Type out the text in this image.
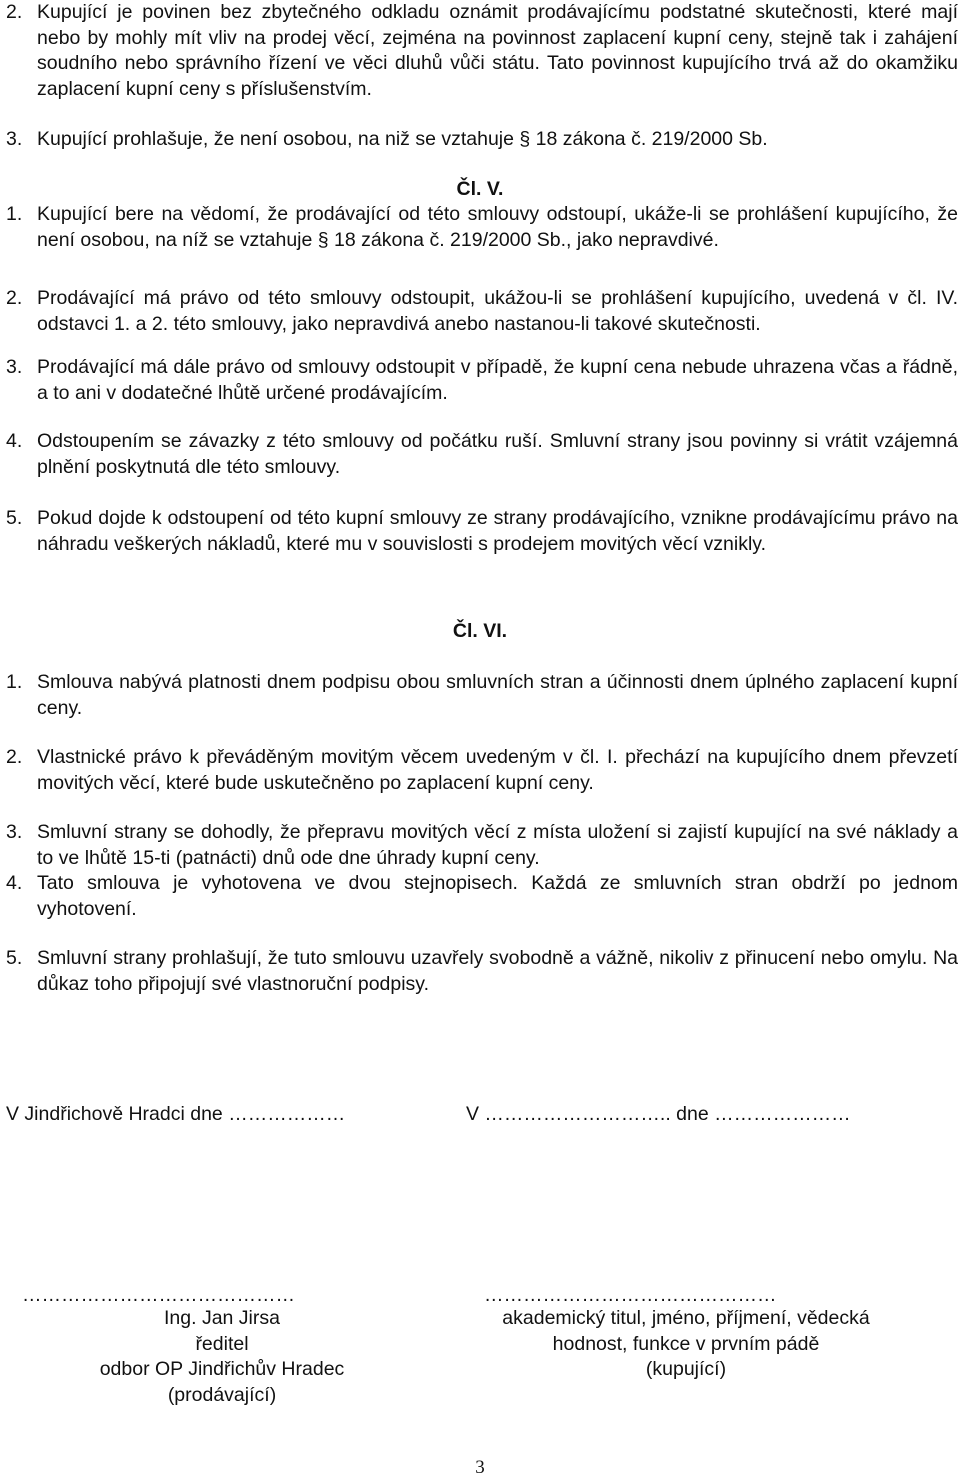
2. Kupující je povinen bez zbytečného odkladu oznámit prodávajícímu podstatné skutečnosti, které mají nebo by mohly mít vliv na prodej věcí, zejména na povinnost zaplacení kupní ceny, stejně tak i zahájení soudního nebo správního řízení ve věci dluhů vůči státu. Tato povinnost kupujícího trvá až do okamžiku zaplacení kupní ceny s příslušenstvím.
3. Kupující prohlašuje, že není osobou, na niž se vztahuje § 18 zákona č. 219/2000 Sb.
Čl. V.
1. Kupující bere na vědomí, že prodávající od této smlouvy odstoupí, ukáže-li se prohlášení kupujícího, že není osobou, na níž se vztahuje § 18 zákona č. 219/2000 Sb., jako nepravdivé.
2. Prodávající má právo od této smlouvy odstoupit, ukážou-li se prohlášení kupujícího, uvedená v čl. IV. odstavci 1. a 2. této smlouvy, jako nepravdivá anebo nastanou-li takové skutečnosti.
3. Prodávající má dále právo od smlouvy odstoupit v případě, že kupní cena nebude uhrazena včas a řádně, a to ani v dodatečné lhůtě určené prodávajícím.
4. Odstoupením se závazky z této smlouvy od počátku ruší. Smluvní strany jsou povinny si vrátit vzájemná plnění poskytnutá dle této smlouvy.
5. Pokud dojde k odstoupení od této kupní smlouvy ze strany prodávajícího, vznikne prodávajícímu právo na náhradu veškerých nákladů, které mu v souvislosti s prodejem movitých věcí vznikly.
Čl. VI.
1. Smlouva nabývá platnosti dnem podpisu obou smluvních stran a účinnosti dnem úplného zaplacení kupní ceny.
2. Vlastnické právo k převáděným movitým věcem uvedeným v čl. I. přechází na kupujícího dnem převzetí movitých věcí, které bude uskutečněno po zaplacení kupní ceny.
3. Smluvní strany se dohodly, že přepravu movitých věcí z místa uložení si zajistí kupující na své náklady a to ve lhůtě 15-ti (patnácti) dnů ode dne úhrady kupní ceny.
4. Tato smlouva je vyhotovena ve dvou stejnopisech. Každá ze smluvních stran obdrží po jednom vyhotovení.
5. Smluvní strany prohlašují, že tuto smlouvu uzavřely svobodně a vážně, nikoliv z přinucení nebo omylu. Na důkaz toho připojují své vlastnoruční podpisy.
V Jindřichově Hradci dne ………………	V ……………………….. dne …………………
……………………………………	………………………………………
Ing. Jan Jirsa
ředitel
odbor OP Jindřichův Hradec
(prodávající)
akademický titul, jméno, příjmení, vědecká
hodnost, funkce v prvním pádě
(kupující)
3
